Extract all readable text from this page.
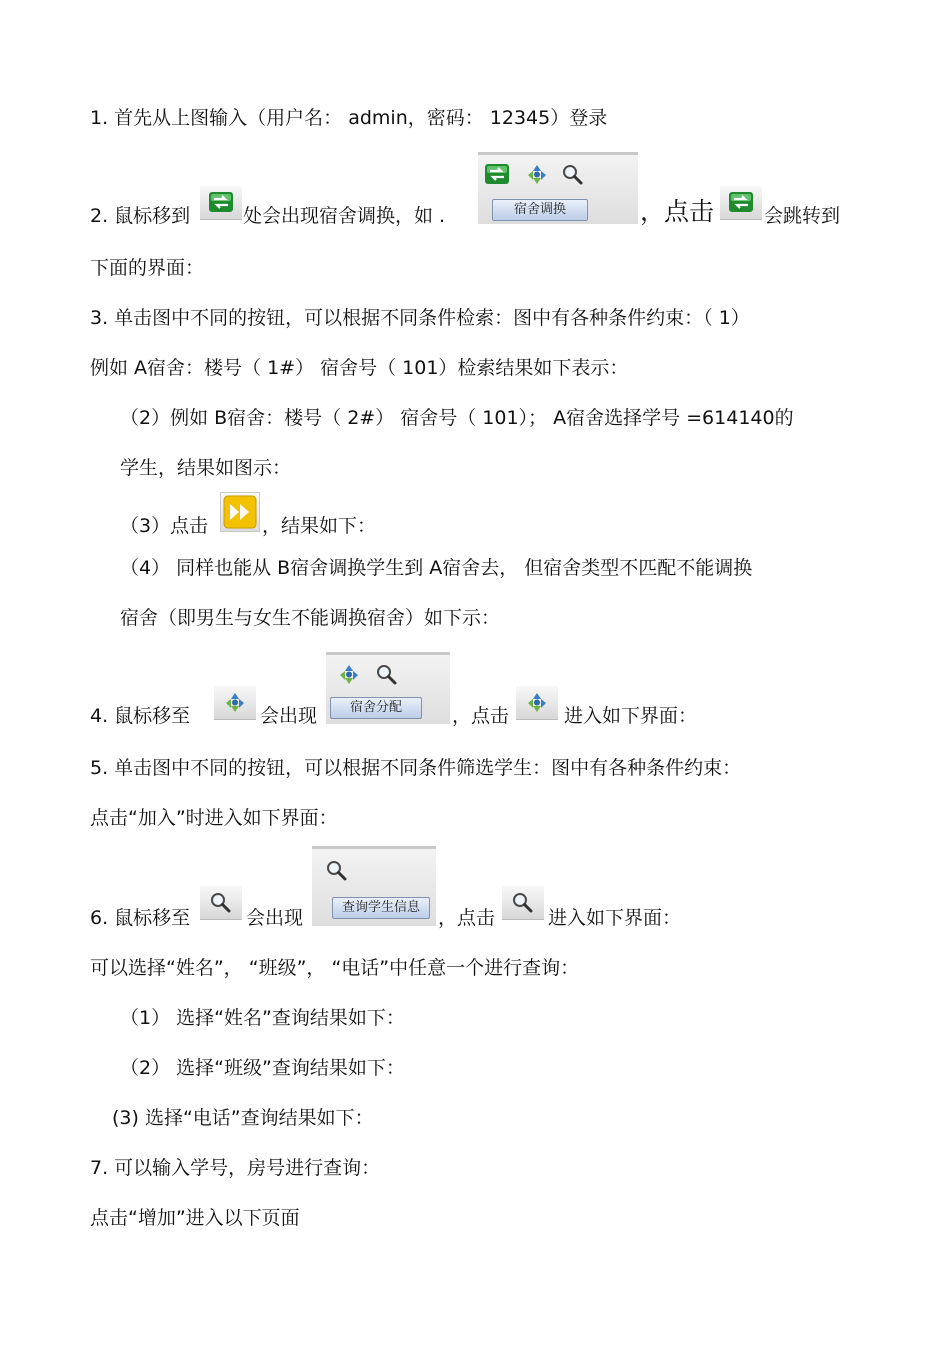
1. 首先从上图输入（用户名： admin，密码： 12345）登录
宿舍调换
2. 鼠标移到	处会出现宿舍调换，如 .	，
点击	会跳转到
下面的界面：
3. 单击图中不同的按钮，可以根据不同条件检索：图中有各种条件约束：（ 1）
例如 A宿舍：楼号（ 1#） 宿舍号（ 101）检索结果如下表示：
（2）例如 B宿舍：楼号（ 2#） 宿舍号（ 101）； A宿舍选择学号 =614140的
学生，结果如图示：
（3）点击	，结果如下：
（4） 同样也能从 B宿舍调换学生到 A宿舍去， 但宿舍类型不匹配不能调换
宿舍（即男生与女生不能调换宿舍）如下示：
宿舍分配
4. 鼠标移至	会出现	，点击	进入如下界面：
5. 单击图中不同的按钮，可以根据不同条件筛选学生：图中有各种条件约束：
点击“加入”时进入如下界面：
查询学生信息
6. 鼠标移至	会出现	，点击	进入如下界面：
可以选择“姓名”， “班级”， “电话”中任意一个进行查询：
（1） 选择“姓名”查询结果如下：
（2） 选择“班级”查询结果如下：
(3) 选择“电话”查询结果如下：
7. 可以输入学号，房号进行查询：
点击“增加”进入以下页面
